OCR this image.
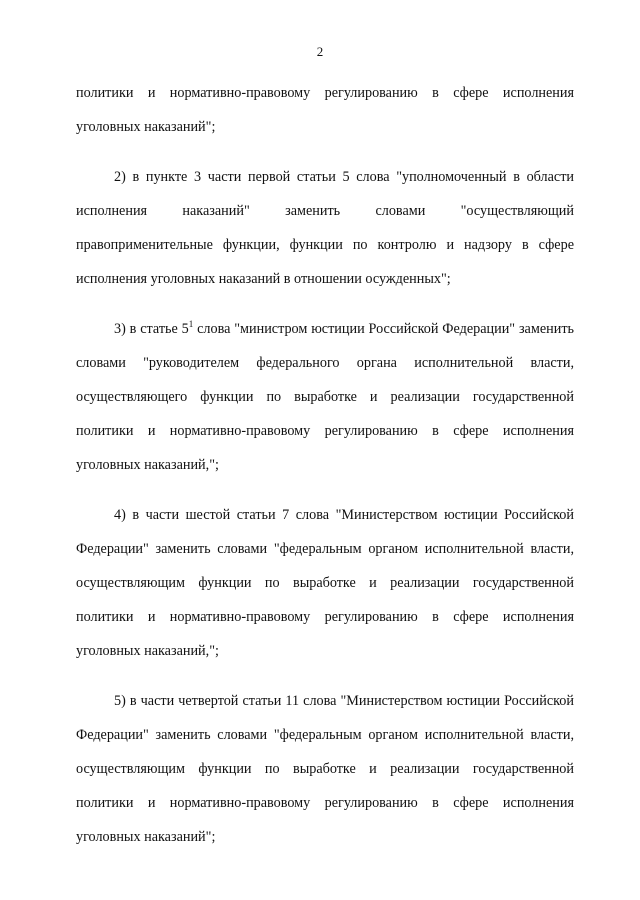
2

политики и нормативно-правовому регулированию в сфере исполнения уголовных наказаний";

2) в пункте 3 части первой статьи 5 слова "уполномоченный в области исполнения наказаний" заменить словами "осуществляющий правоприменительные функции, функции по контролю и надзору в сфере исполнения уголовных наказаний в отношении осужденных";

3) в статье $5^1$ слова "министром юстиции Российской Федерации" заменить словами "руководителем федерального органа исполнительной власти, осуществляющего функции по выработке и реализации государственной политики и нормативно-правовому регулированию в сфере исполнения уголовных наказаний,";

4) в части шестой статьи 7 слова "Министерством юстиции Российской Федерации" заменить словами "федеральным органом исполнительной власти, осуществляющим функции по выработке и реализации государственной политики и нормативно-правовому регулированию в сфере исполнения уголовных наказаний,";

5) в части четвертой статьи 11 слова "Министерством юстиции Российской Федерации" заменить словами "федеральным органом исполнительной власти, осуществляющим функции по выработке и реализации государственной политики и нормативно-правовому регулированию в сфере исполнения уголовных наказаний";
